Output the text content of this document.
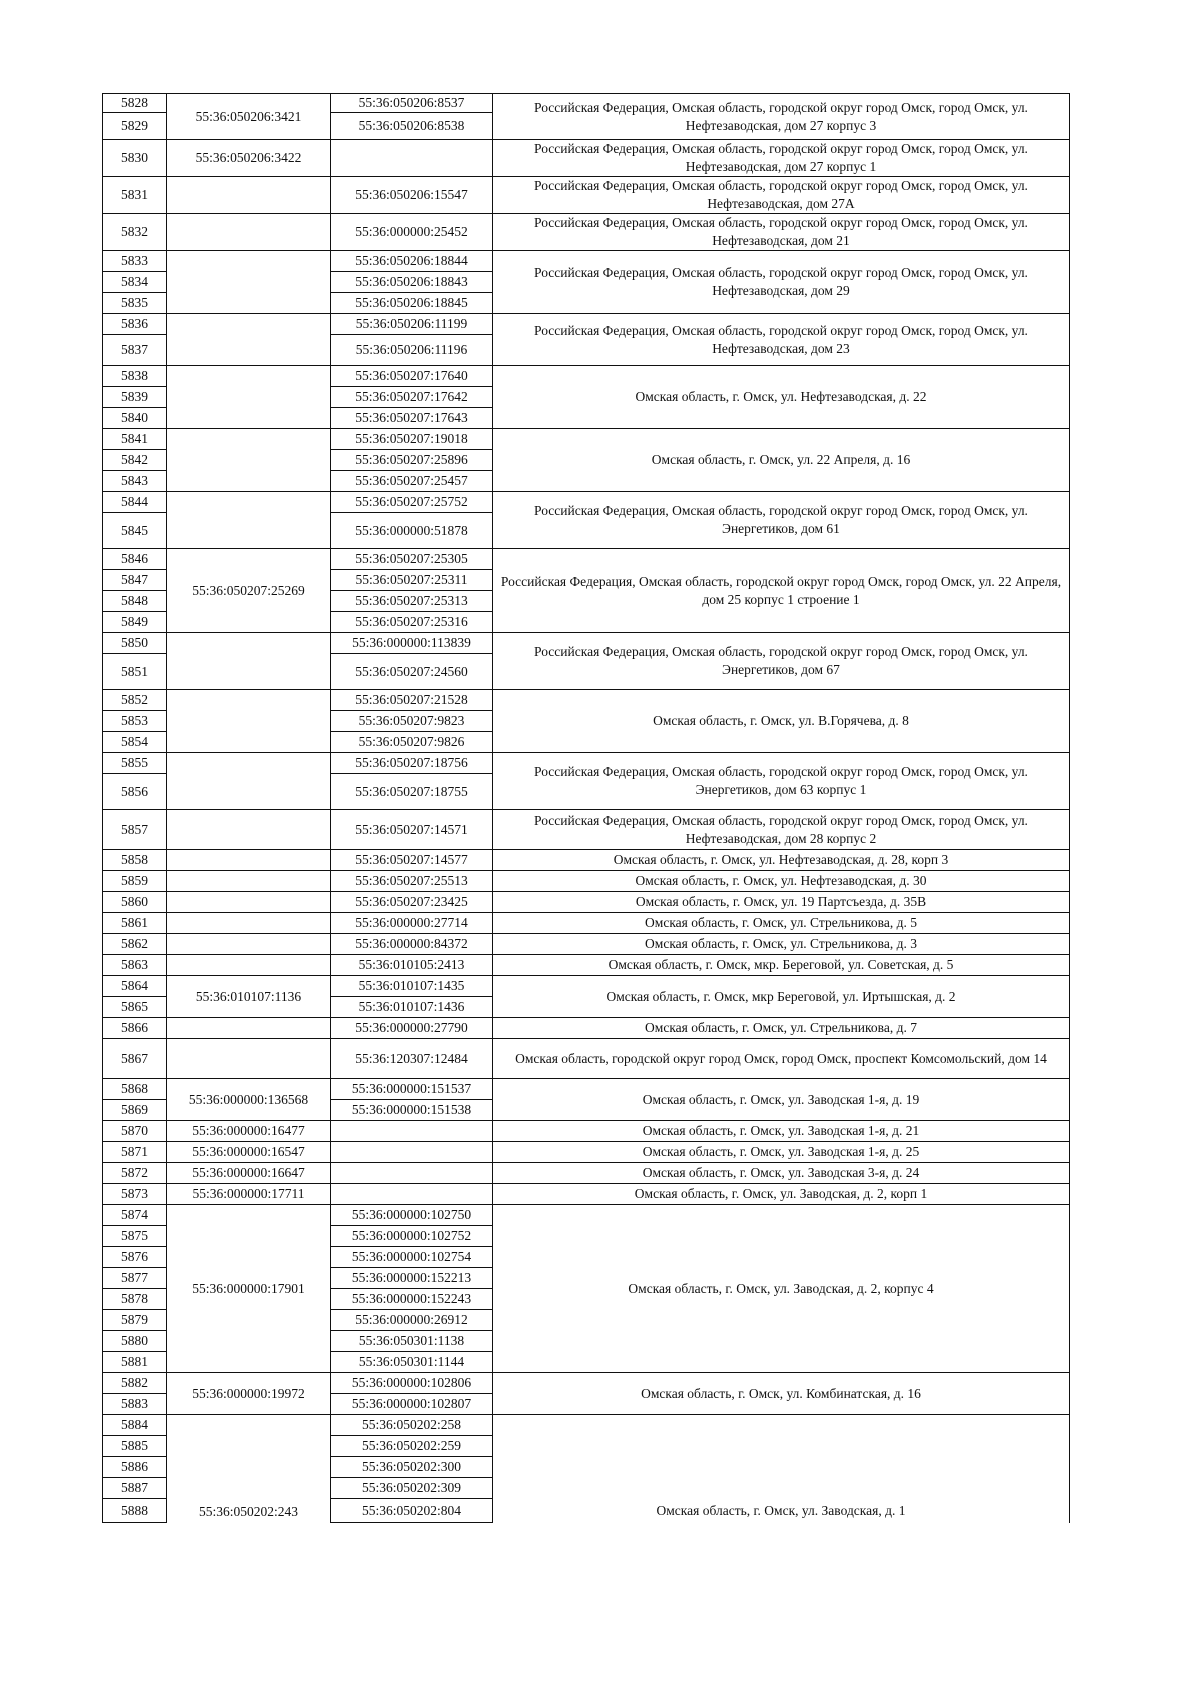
5828	55:36:050206:3421	55:36:050206:8537	Российская Федерация, Омская область, городской округ город Омск, город Омск, ул. Нефтезаводская, дом 27 корпус 3
5829		55:36:050206:8538	
5830	55:36:050206:3422		Российская Федерация, Омская область, городской округ город Омск, город Омск, ул. Нефтезаводская, дом 27 корпус 1
5831		55:36:050206:15547	Российская Федерация, Омская область, городской округ город Омск, город Омск, ул. Нефтезаводская, дом 27А
5832		55:36:000000:25452	Российская Федерация, Омская область, городской округ город Омск, город Омск, ул. Нефтезаводская, дом 21
5833		55:36:050206:18844	Российская Федерация, Омская область, городской округ город Омск, город Омск, ул. Нефтезаводская, дом 29
5834		55:36:050206:18843	
5835		55:36:050206:18845	
5836		55:36:050206:11199	Российская Федерация, Омская область, городской округ город Омск, город Омск, ул. Нефтезаводская, дом 23
5837		55:36:050206:11196	
5838		55:36:050207:17640	Омская область, г. Омск, ул. Нефтезаводская, д. 22
5839		55:36:050207:17642	
5840		55:36:050207:17643	
5841		55:36:050207:19018	Омская область, г. Омск, ул. 22 Апреля, д. 16
5842		55:36:050207:25896	
5843		55:36:050207:25457	
5844		55:36:050207:25752	Российская Федерация, Омская область, городской округ город Омск, город Омск, ул. Энергетиков, дом 61
5845		55:36:000000:51878	
5846	55:36:050207:25269	55:36:050207:25305	Российская Федерация, Омская область, городской округ город Омск, город Омск, ул. 22 Апреля, дом 25 корпус 1 строение 1
5847		55:36:050207:25311	
5848		55:36:050207:25313	
5849		55:36:050207:25316	
5850		55:36:000000:113839	Российская Федерация, Омская область, городской округ город Омск, город Омск, ул. Энергетиков, дом 67
5851		55:36:050207:24560	
5852		55:36:050207:21528	Омская область, г. Омск, ул. В.Горячева, д. 8
5853		55:36:050207:9823	
5854		55:36:050207:9826	
5855		55:36:050207:18756	Российская Федерация, Омская область, городской округ город Омск, город Омск, ул. Энергетиков, дом 63 корпус 1
5856		55:36:050207:18755	
5857		55:36:050207:14571	Российская Федерация, Омская область, городской округ город Омск, город Омск, ул. Нефтезаводская, дом 28 корпус 2
5858		55:36:050207:14577	Омская область, г. Омск, ул. Нефтезаводская, д. 28, корп 3
5859		55:36:050207:25513	Омская область, г. Омск, ул. Нефтезаводская, д. 30
5860		55:36:050207:23425	Омская область, г. Омск, ул. 19 Партсъезда, д. 35В
5861		55:36:000000:27714	Омская область, г. Омск, ул. Стрельникова, д. 5
5862		55:36:000000:84372	Омская область, г. Омск, ул. Стрельникова, д. 3
5863		55:36:010105:2413	Омская область, г. Омск, мкр. Береговой, ул. Советская, д. 5
5864	55:36:010107:1136	55:36:010107:1435	Омская область, г. Омск, мкр Береговой, ул. Иртышская, д. 2
5865		55:36:010107:1436	
5866		55:36:000000:27790	Омская область, г. Омск, ул. Стрельникова, д. 7
5867		55:36:120307:12484	Омская область, городской округ город Омск, город Омск, проспект Комсомольский, дом 14
5868	55:36:000000:136568	55:36:000000:151537	Омская область, г. Омск, ул. Заводская 1-я, д. 19
5869		55:36:000000:151538	
5870	55:36:000000:16477		Омская область, г. Омск, ул. Заводская 1-я, д. 21
5871	55:36:000000:16547		Омская область, г. Омск, ул. Заводская 1-я, д. 25
5872	55:36:000000:16647		Омская область, г. Омск, ул. Заводская 3-я, д. 24
5873	55:36:000000:17711		Омская область, г. Омск, ул. Заводская, д. 2, корп 1
5874	55:36:000000:17901	55:36:000000:102750	Омская область, г. Омск, ул. Заводская, д. 2, корпус 4
5875		55:36:000000:102752	
5876		55:36:000000:102754	
5877		55:36:000000:152213	
5878		55:36:000000:152243	
5879		55:36:000000:26912	
5880		55:36:050301:1138	
5881		55:36:050301:1144	
5882	55:36:000000:19972	55:36:000000:102806	Омская область, г. Омск, ул. Комбинатская, д. 16
5883		55:36:000000:102807	
5884	55:36:050202:243	55:36:050202:258	Омская область, г. Омск, ул. Заводская, д. 1
5885		55:36:050202:259	
5886		55:36:050202:300	
5887		55:36:050202:309	
5888		55:36:050202:804	
